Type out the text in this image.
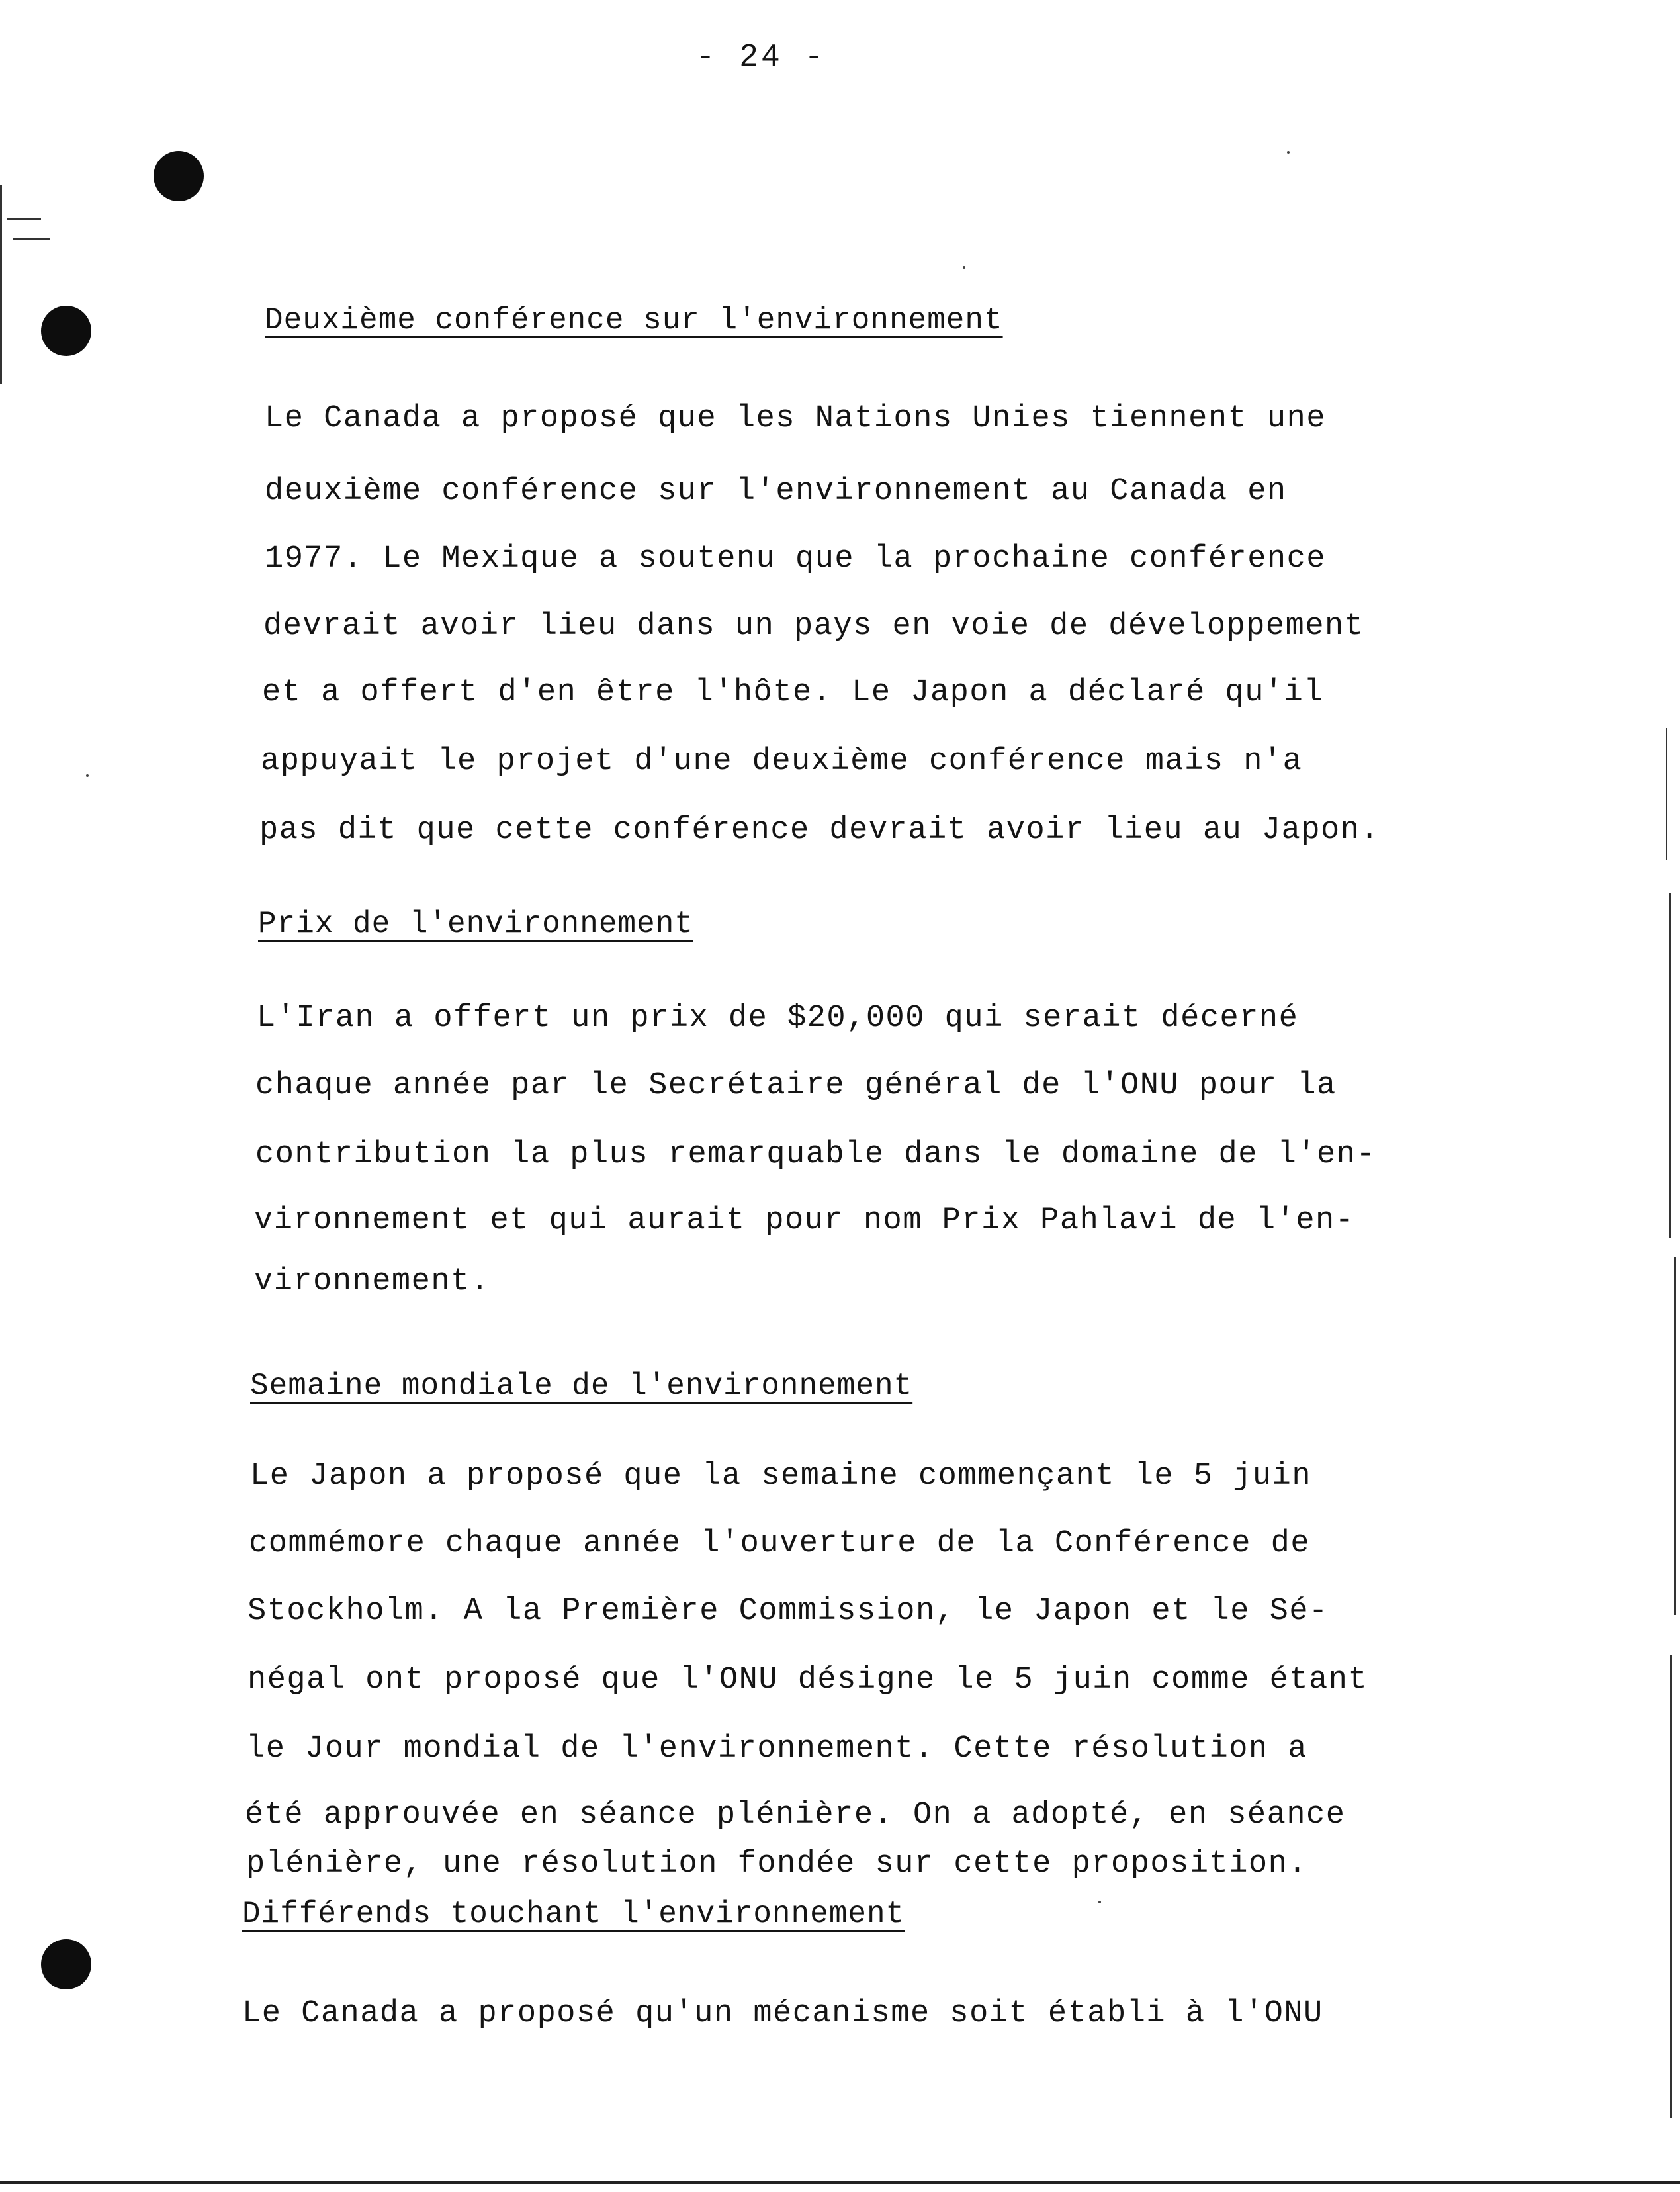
- 24 -
Deuxième conférence sur l'environnement
Le Canada a proposé que les Nations Unies tiennent une
deuxième conférence sur l'environnement au Canada en
1977. Le Mexique a soutenu que la prochaine conférence
devrait avoir lieu dans un pays en voie de développement
et a offert d'en être l'hôte. Le Japon a déclaré qu'il
appuyait le projet d'une deuxième conférence mais n'a
pas dit que cette conférence devrait avoir lieu au Japon.
Prix de l'environnement
L'Iran a offert un prix de $20,000 qui serait décerné
chaque année par le Secrétaire général de l'ONU pour la
contribution la plus remarquable dans le domaine de l'en-
vironnement et qui aurait pour nom Prix Pahlavi de l'en-
vironnement.
Semaine mondiale de l'environnement
Le Japon a proposé que la semaine commençant le 5 juin
commémore chaque année l'ouverture de la Conférence de
Stockholm. A la Première Commission, le Japon et le Sé-
négal ont proposé que l'ONU désigne le 5 juin comme étant
le Jour mondial de l'environnement. Cette résolution a
été approuvée en séance plénière. On a adopté, en séance
plénière, une résolution fondée sur cette proposition.
Différends touchant l'environnement
Le Canada a proposé qu'un mécanisme soit établi à l'ONU
